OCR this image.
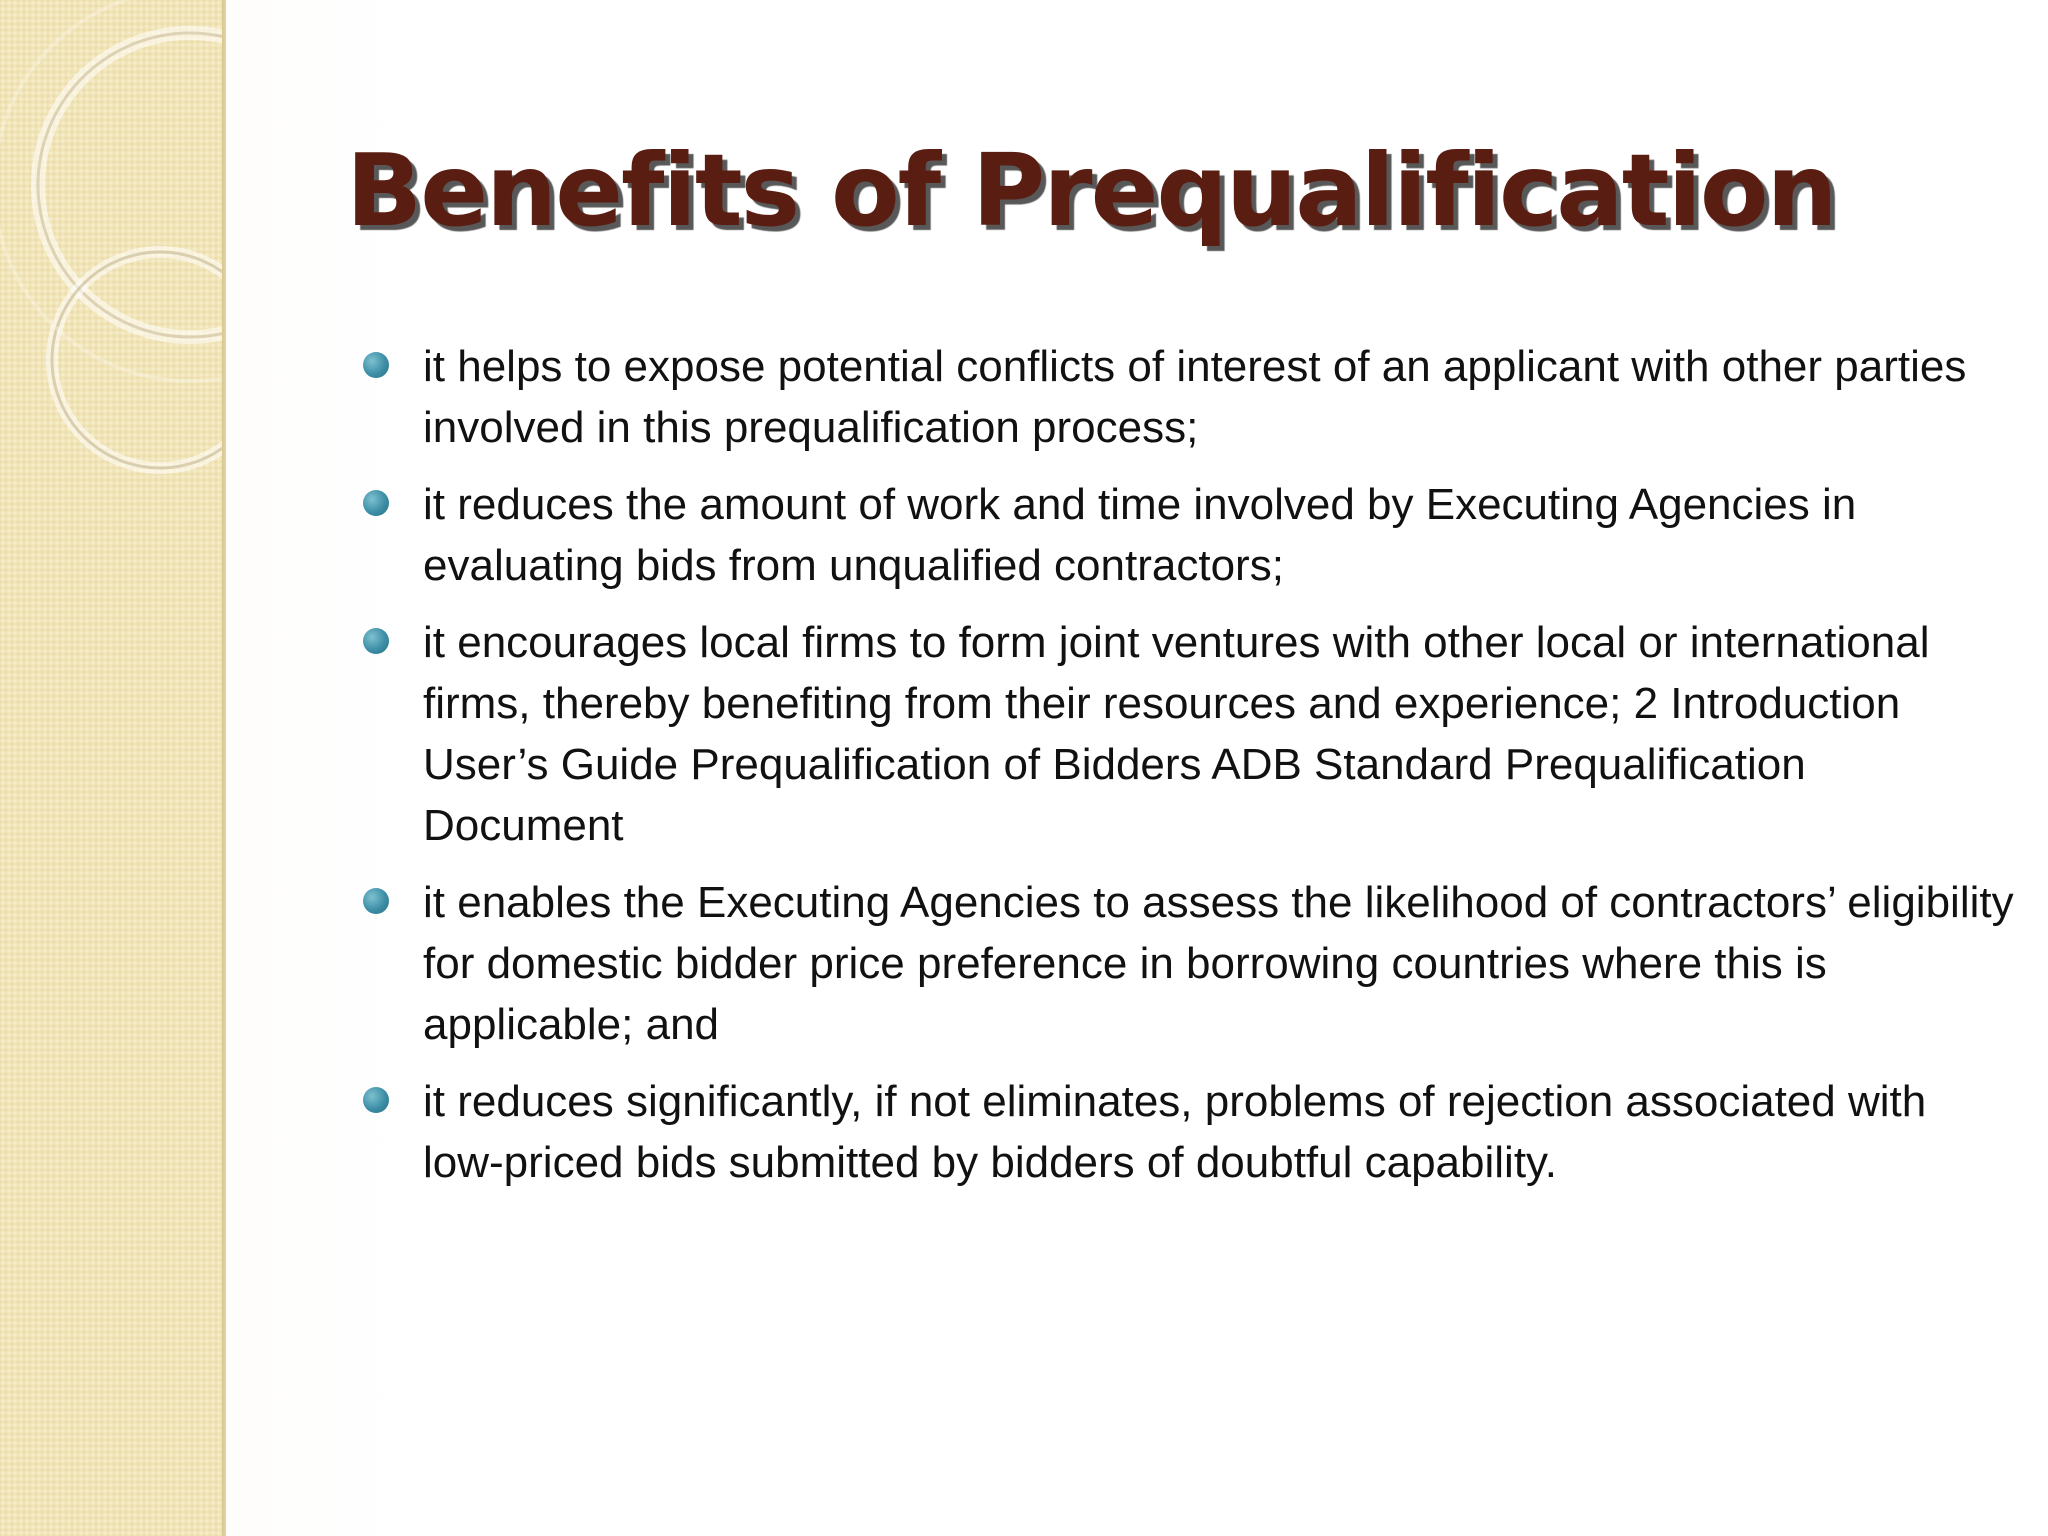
Benefits of Prequalification
it helps to expose potential conflicts of interest of an applicant with other parties involved in this prequalification process;
it reduces the amount of work and time involved by Executing Agencies in evaluating bids from unqualified contractors;
it encourages local firms to form joint ventures with other local or international firms, thereby benefiting from their resources and experience; 2 Introduction User’s Guide Prequalification of Bidders ADB Standard Prequalification Document
it enables the Executing Agencies to assess the likelihood of contractors’ eligibility for domestic bidder price preference in borrowing countries where this is applicable; and
it reduces significantly, if not eliminates, problems of rejection associated with low-priced bids submitted by bidders of doubtful capability.
